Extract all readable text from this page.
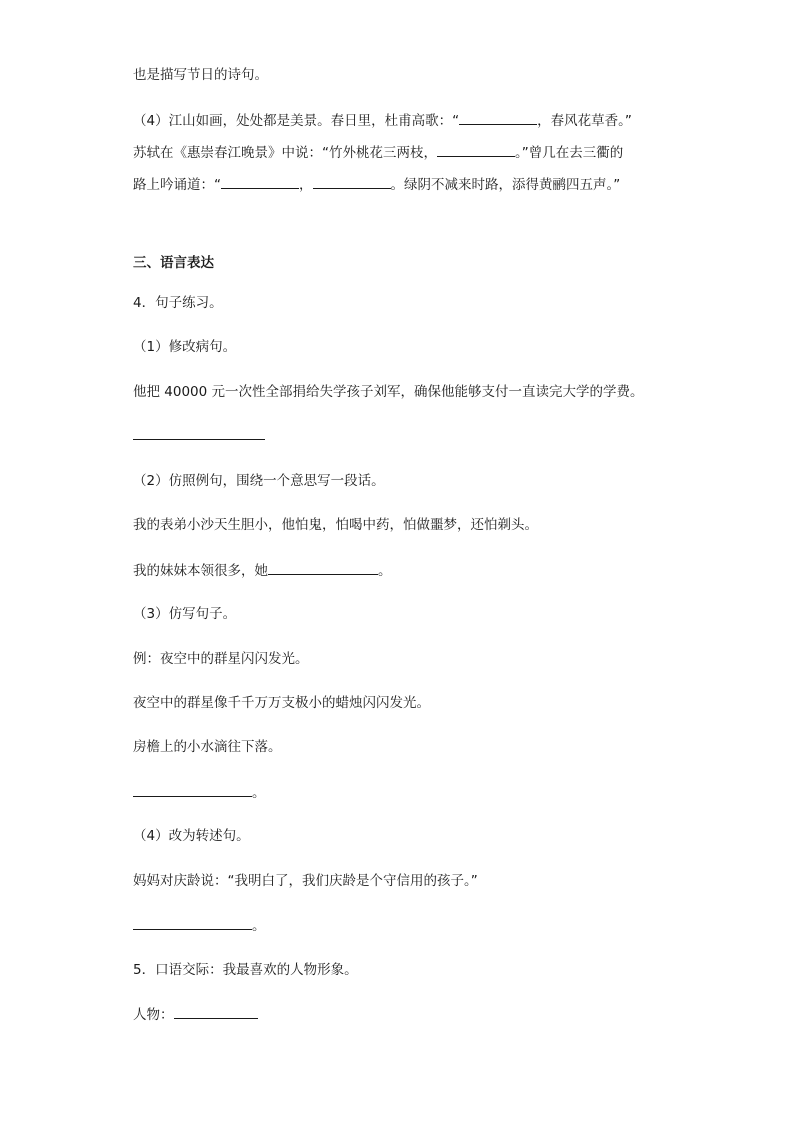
也是描写节日的诗句。

（4）江山如画，处处都是美景。春日里，杜甫高歌：“	，春风花草香。”

苏轼在《惠崇春江晚景》中说：“竹外桃花三两枝，	。”曾几在去三衢的

路上吟诵道：“	，	。绿阴不减来时路，添得黄鹂四五声。”

三、语言表达

4．句子练习。

（1）修改病句。

他把 40000 元一次性全部捐给失学孩子刘军，确保他能够支付一直读完大学的学费。

（2）仿照例句，围绕一个意思写一段话。

我的表弟小沙天生胆小，他怕鬼，怕喝中药，怕做噩梦，还怕剃头。

我的妹妹本领很多，她	。

（3）仿写句子。

例：夜空中的群星闪闪发光。

夜空中的群星像千千万万支极小的蜡烛闪闪发光。

房檐上的小水滴往下落。

。

（4）改为转述句。

妈妈对庆龄说：“我明白了，我们庆龄是个守信用的孩子。”

。

5．口语交际：我最喜欢的人物形象。

人物：
